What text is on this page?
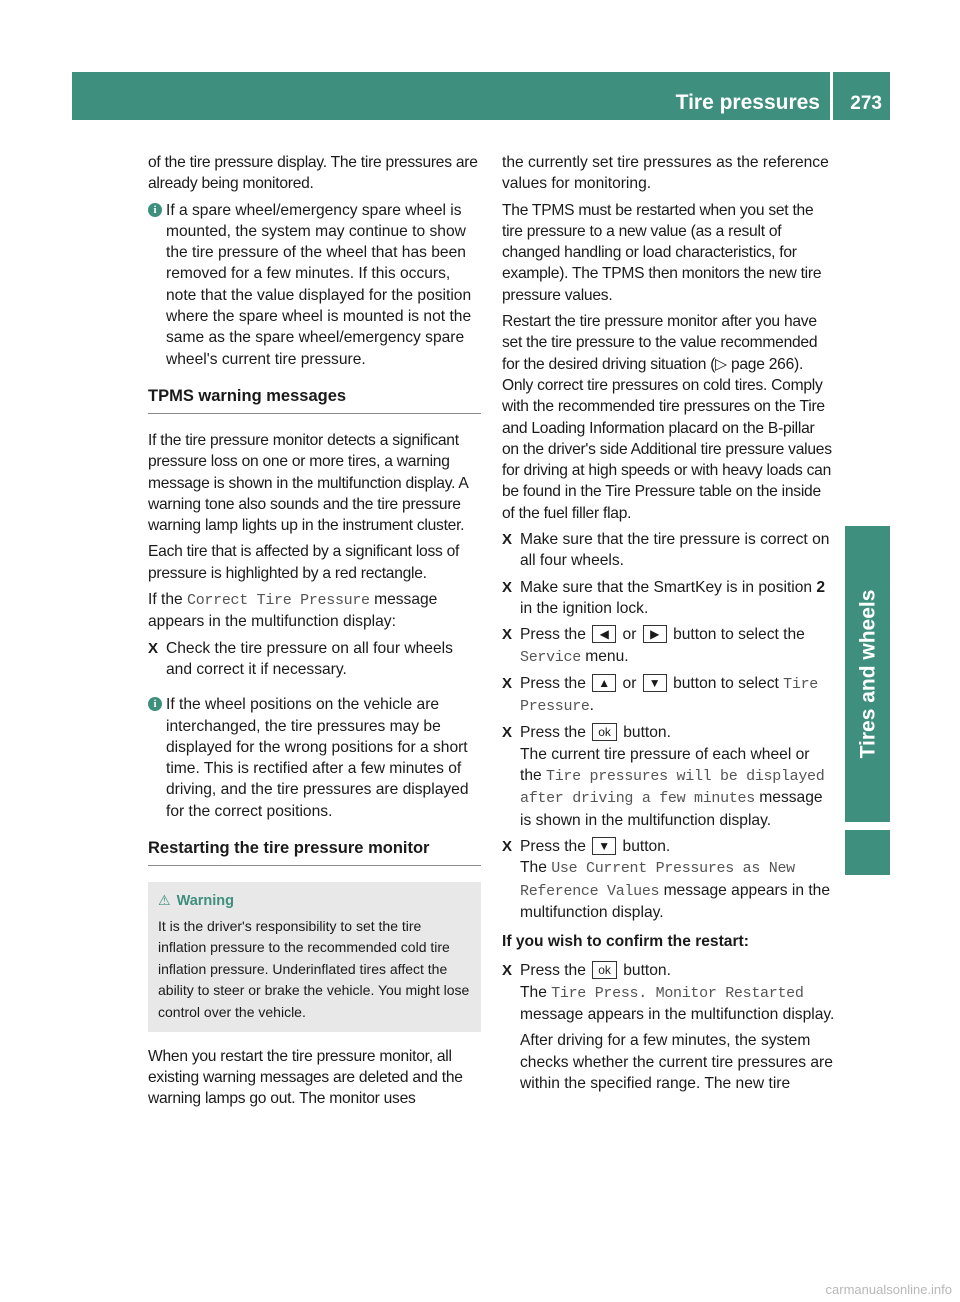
Tire pressures 273
Tires and wheels

of the tire pressure display. The tire pressures are already being monitored.

i If a spare wheel/emergency spare wheel is mounted, the system may continue to show the tire pressure of the wheel that has been removed for a few minutes. If this occurs, note that the value displayed for the position where the spare wheel is mounted is not the same as the spare wheel/emergency spare wheel's current tire pressure.
TPMS warning messages

If the tire pressure monitor detects a significant pressure loss on one or more tires, a warning message is shown in the multifunction display. A warning tone also sounds and the tire pressure warning lamp lights up in the instrument cluster.

Each tire that is affected by a significant loss of pressure is highlighted by a red rectangle.

If the Correct Tire Pressure message appears in the multifunction display:

X Check the tire pressure on all four wheels and correct it if necessary.
i If the wheel positions on the vehicle are interchanged, the tire pressures may be displayed for the wrong positions for a short time. This is rectified after a few minutes of driving, and the tire pressures are displayed for the correct positions.
Restarting the tire pressure monitor
⚠ Warning
It is the driver's responsibility to set the tire inflation pressure to the recommended cold tire inflation pressure. Underinflated tires affect the ability to steer or brake the vehicle. You might lose control over the vehicle.

When you restart the tire pressure monitor, all existing warning messages are deleted and the warning lamps go out. The monitor uses

the currently set tire pressures as the reference values for monitoring.

The TPMS must be restarted when you set the tire pressure to a new value (as a result of changed handling or load characteristics, for example). The TPMS then monitors the new tire pressure values.

Restart the tire pressure monitor after you have set the tire pressure to the value recommended for the desired driving situation (▷ page 266). Only correct tire pressures on cold tires. Comply with the recommended tire pressures on the Tire and Loading Information placard on the B-pillar on the driver's side Additional tire pressure values for driving at high speeds or with heavy loads can be found in the Tire Pressure table on the inside of the fuel filler flap.

X Make sure that the tire pressure is correct on all four wheels.
X Make sure that the SmartKey is in position 2 in the ignition lock.
X Press the ◀ or ▶ button to select the Service menu.
X Press the ▲ or ▼ button to select Tire Pressure.
X Press the ok button.
The current tire pressure of each wheel or the Tire pressures will be displayed after driving a few minutes message is shown in the multifunction display.
X Press the ▼ button.
The Use Current Pressures as New Reference Values message appears in the multifunction display.
If you wish to confirm the restart:
X Press the ok button.
The Tire Press. Monitor Restarted message appears in the multifunction display.

After driving for a few minutes, the system checks whether the current tire pressures are within the specified range. The new tire

carmanualsonline.info
